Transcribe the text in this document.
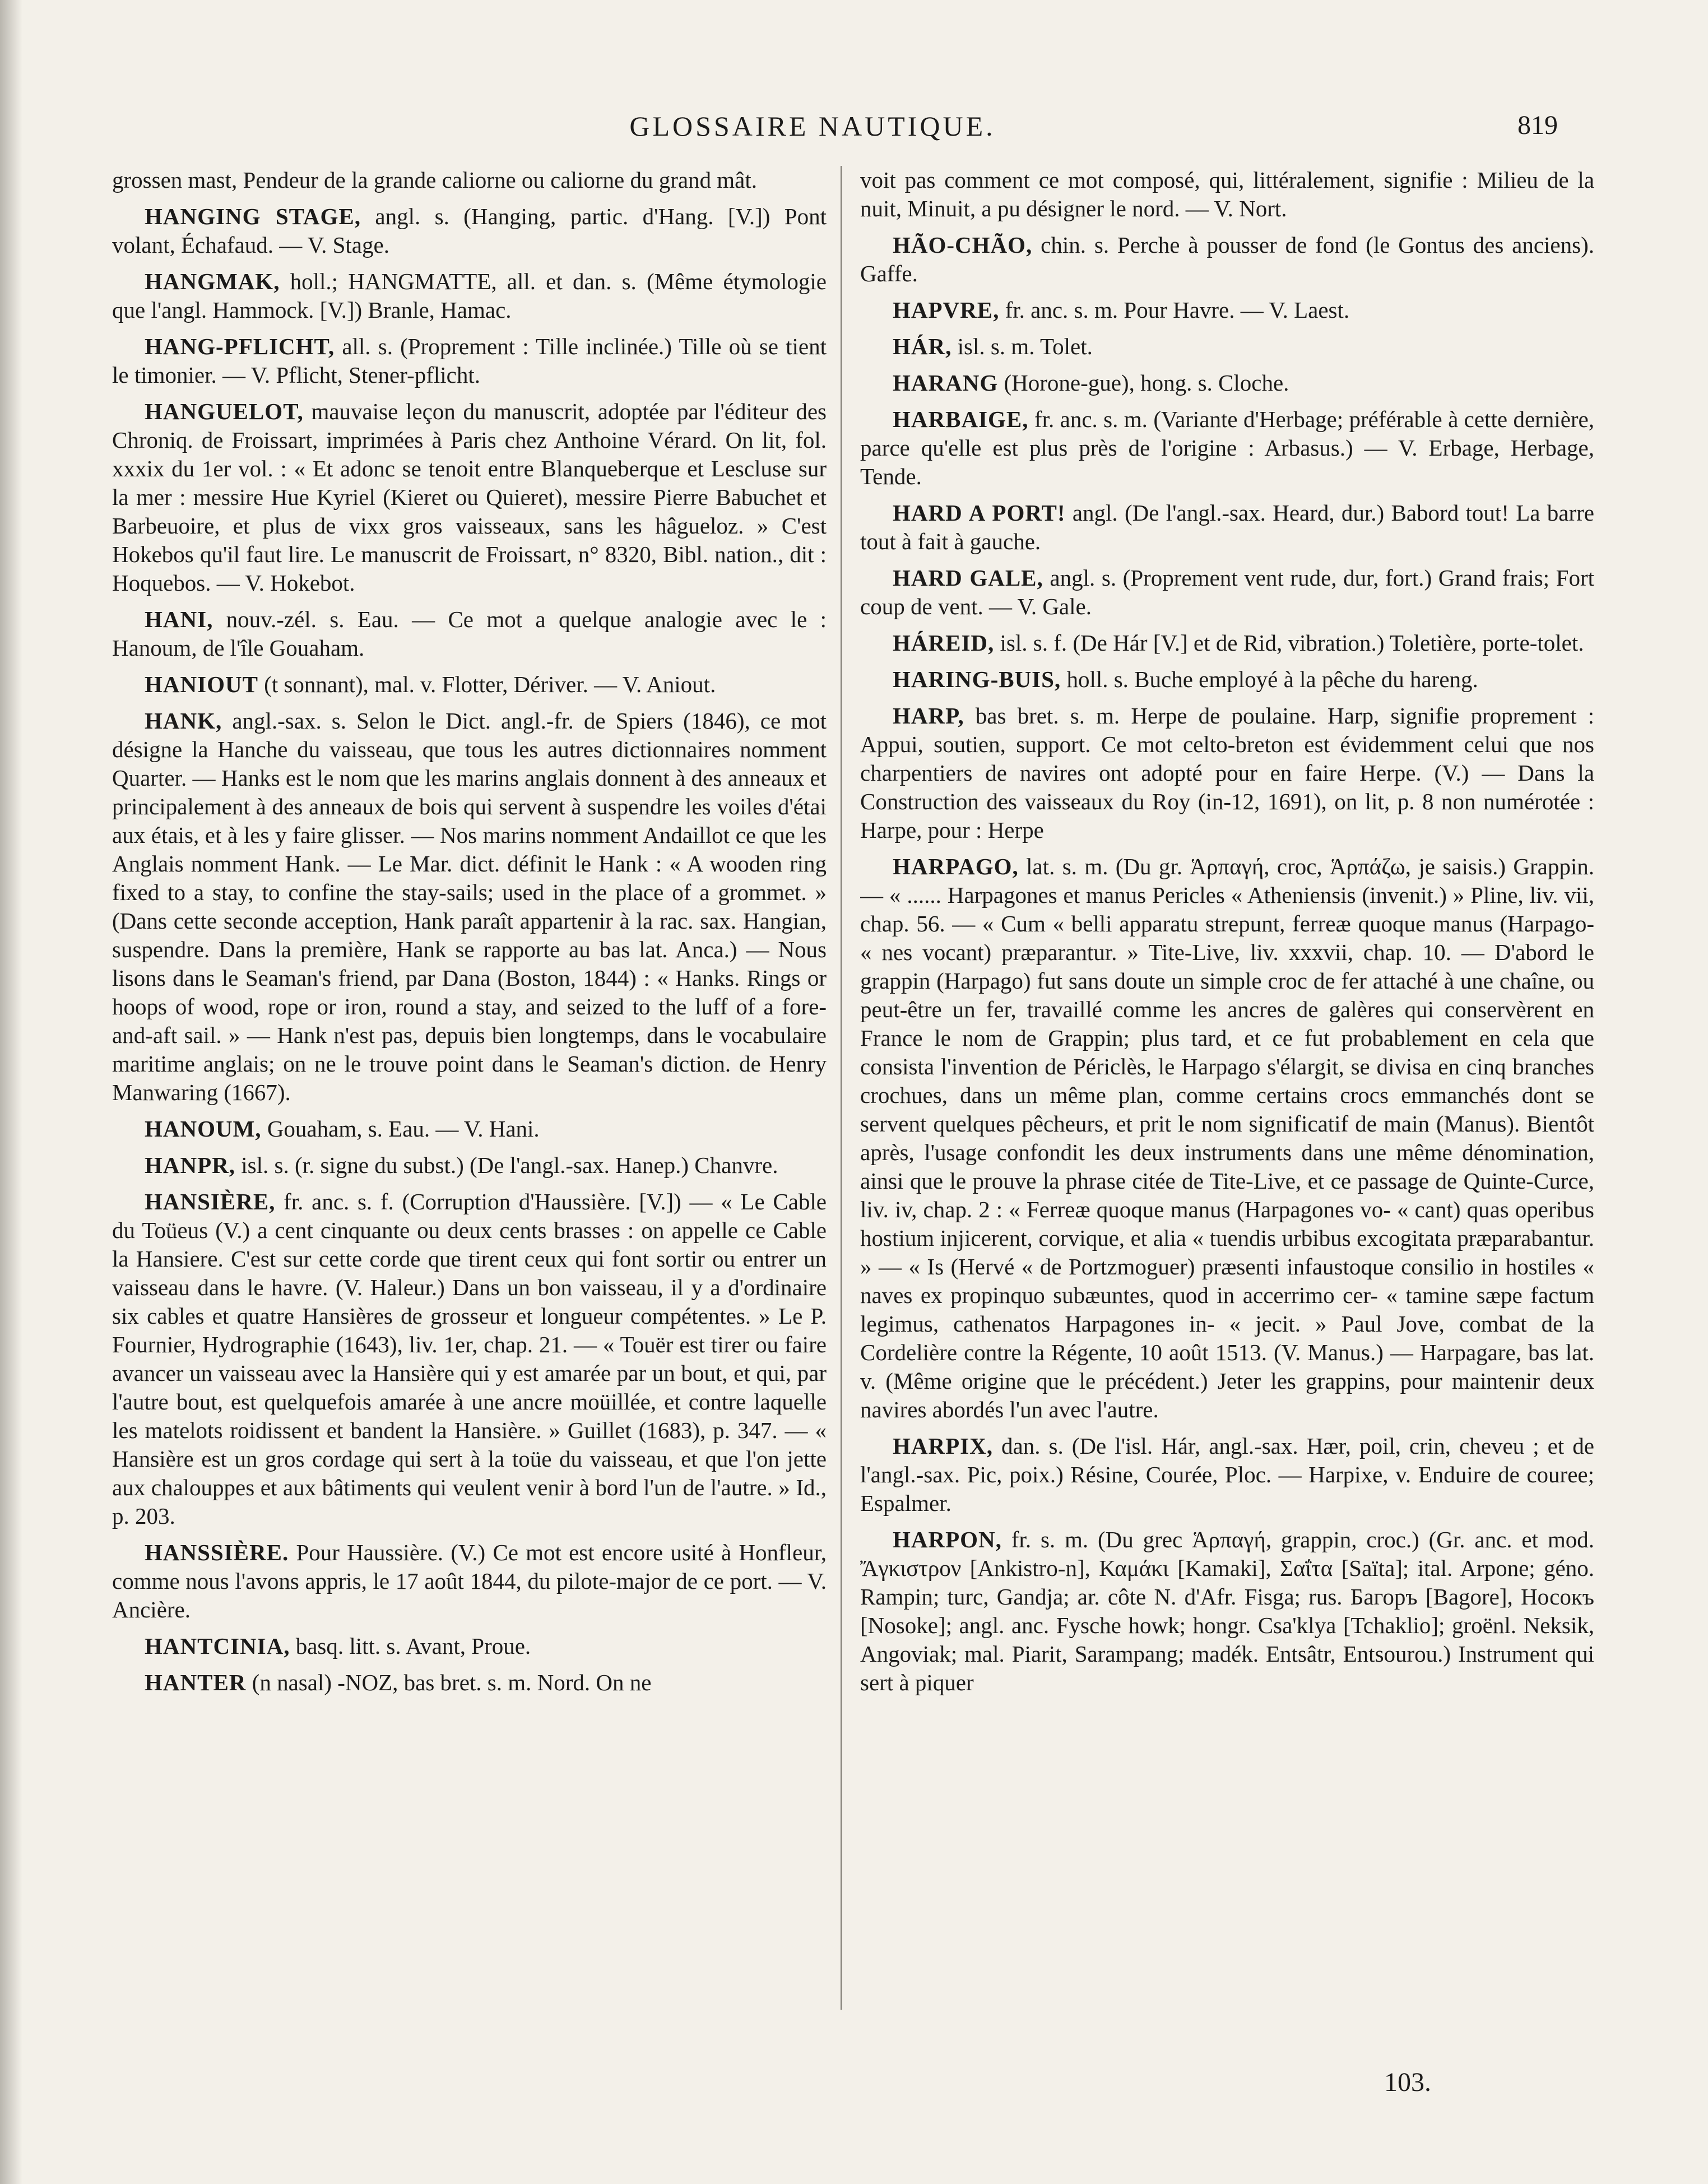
GLOSSAIRE NAUTIQUE.	819

grossen mast, Pendeur de la grande caliorne ou caliorne du grand mât.

HANGING STAGE, angl. s. (Hanging, partic. d'Hang. [V.]) Pont volant, Échafaud. — V. Stage.

HANGMAK, holl.; HANGMATTE, all. et dan. s. (Même étymologie que l'angl. Hammock. [V.]) Branle, Hamac.

HANG-PFLICHT, all. s. (Proprement : Tille inclinée.) Tille où se tient le timonier. — V. Pflicht, Stener-pflicht.

HANGUELOT, mauvaise leçon du manuscrit, adoptée par l'éditeur des Chroniq. de Froissart, imprimées à Paris chez Anthoine Vérard. On lit, fol. xxxix du 1er vol. : « Et adonc se tenoit entre Blanqueberque et Lescluse sur la mer : messire Hue Kyriel (Kieret ou Quieret), messire Pierre Babuchet et Barbeuoire, et plus de vixx gros vaisseaux, sans les hâgueloz. » C'est Hokebos qu'il faut lire. Le manuscrit de Froissart, n° 8320, Bibl. nation., dit : Hoquebos. — V. Hokebot.

HANI, nouv.-zél. s. Eau. — Ce mot a quelque analogie avec le : Hanoum, de l'île Gouaham.

HANIOUT (t sonnant), mal. v. Flotter, Dériver. — V. Aniout.

HANK, angl.-sax. s. Selon le Dict. angl.-fr. de Spiers (1846), ce mot désigne la Hanche du vaisseau, que tous les autres dictionnaires nomment Quarter. — Hanks est le nom que les marins anglais donnent à des anneaux et principalement à des anneaux de bois qui servent à suspendre les voiles d'étai aux étais, et à les y faire glisser. — Nos marins nomment Andaillot ce que les Anglais nomment Hank. — Le Mar. dict. définit le Hank : « A wooden ring fixed to a stay, to confine the stay-sails; used in the place of a grommet. » (Dans cette seconde acception, Hank paraît appartenir à la rac. sax. Hangian, suspendre. Dans la première, Hank se rapporte au bas lat. Anca.) — Nous lisons dans le Seaman's friend, par Dana (Boston, 1844) : « Hanks. Rings or hoops of wood, rope or iron, round a stay, and seized to the luff of a fore-and-aft sail. » — Hank n'est pas, depuis bien longtemps, dans le vocabulaire maritime anglais; on ne le trouve point dans le Seaman's diction. de Henry Manwaring (1667).

HANOUM, Gouaham, s. Eau. — V. Hani.

HANPR, isl. s. (r. signe du subst.) (De l'angl.-sax. Hanep.) Chanvre.

HANSIÈRE, fr. anc. s. f. (Corruption d'Haussière. [V.]) — « Le Cable du Toüeus (V.) a cent cinquante ou deux cents brasses : on appelle ce Cable la Hansiere. C'est sur cette corde que tirent ceux qui font sortir ou entrer un vaisseau dans le havre. (V. Haleur.) Dans un bon vaisseau, il y a d'ordinaire six cables et quatre Hansières de grosseur et longueur compétentes. » Le P. Fournier, Hydrographie (1643), liv. 1er, chap. 21. — « Touër est tirer ou faire avancer un vaisseau avec la Hansière qui y est amarée par un bout, et qui, par l'autre bout, est quelquefois amarée à une ancre moüillée, et contre laquelle les matelots roidissent et bandent la Hansière. » Guillet (1683), p. 347. — « Hansière est un gros cordage qui sert à la toüe du vaisseau, et que l'on jette aux chalouppes et aux bâtiments qui veulent venir à bord l'un de l'autre. » Id., p. 203.

HANSSIÈRE. Pour Haussière. (V.) Ce mot est encore usité à Honfleur, comme nous l'avons appris, le 17 août 1844, du pilote-major de ce port. — V. Ancière.

HANTCINIA, basq. litt. s. Avant, Proue.

HANTER (n nasal) -NOZ, bas bret. s. m. Nord. On ne

voit pas comment ce mot composé, qui, littéralement, signifie : Milieu de la nuit, Minuit, a pu désigner le nord. — V. Nort.

HÃO-CHÃO, chin. s. Perche à pousser de fond (le Gontus des anciens). Gaffe.

HAPVRE, fr. anc. s. m. Pour Havre. — V. Laest.

HÁR, isl. s. m. Tolet.

HARANG (Horone-gue), hong. s. Cloche.

HARBAIGE, fr. anc. s. m. (Variante d'Herbage; préférable à cette dernière, parce qu'elle est plus près de l'origine : Arbasus.) — V. Erbage, Herbage, Tende.

HARD A PORT! angl. (De l'angl.-sax. Heard, dur.) Babord tout! La barre tout à fait à gauche.

HARD GALE, angl. s. (Proprement vent rude, dur, fort.) Grand frais; Fort coup de vent. — V. Gale.

HÁREID, isl. s. f. (De Hár [V.] et de Rid, vibration.) Toletière, porte-tolet.

HARING-BUIS, holl. s. Buche employé à la pêche du hareng.

HARP, bas bret. s. m. Herpe de poulaine. Harp, signifie proprement : Appui, soutien, support. Ce mot celto-breton est évidemment celui que nos charpentiers de navires ont adopté pour en faire Herpe. (V.) — Dans la Construction des vaisseaux du Roy (in-12, 1691), on lit, p. 8 non numérotée : Harpe, pour : Herpe

HARPAGO, lat. s. m. (Du gr. Ἁρπαγή, croc, Ἁρπάζω, je saisis.) Grappin. — « ...... Harpagones et manus Pericles « Atheniensis (invenit.) » Pline, liv. vii, chap. 56. — « Cum « belli apparatu strepunt, ferreæ quoque manus (Harpago- « nes vocant) præparantur. » Tite-Live, liv. xxxvii, chap. 10. — D'abord le grappin (Harpago) fut sans doute un simple croc de fer attaché à une chaîne, ou peut-être un fer, travaillé comme les ancres de galères qui conservèrent en France le nom de Grappin; plus tard, et ce fut probablement en cela que consista l'invention de Périclès, le Harpago s'élargit, se divisa en cinq branches crochues, dans un même plan, comme certains crocs emmanchés dont se servent quelques pêcheurs, et prit le nom significatif de main (Manus). Bientôt après, l'usage confondit les deux instruments dans une même dénomination, ainsi que le prouve la phrase citée de Tite-Live, et ce passage de Quinte-Curce, liv. iv, chap. 2 : « Ferreæ quoque manus (Harpagones vo- « cant) quas operibus hostium injicerent, corvique, et alia « tuendis urbibus excogitata præparabantur. » — « Is (Hervé « de Portzmoguer) præsenti infaustoque consilio in hostiles « naves ex propinquo subæuntes, quod in accerrimo cer- « tamine sæpe factum legimus, cathenatos Harpagones in- « jecit. » Paul Jove, combat de la Cordelière contre la Régente, 10 août 1513. (V. Manus.) — Harpagare, bas lat. v. (Même origine que le précédent.) Jeter les grappins, pour maintenir deux navires abordés l'un avec l'autre.

HARPIX, dan. s. (De l'isl. Hár, angl.-sax. Hær, poil, crin, cheveu ; et de l'angl.-sax. Pic, poix.) Résine, Courée, Ploc. — Harpixe, v. Enduire de couree; Espalmer.

HARPON, fr. s. m. (Du grec Ἁρπαγή, grappin, croc.) (Gr. anc. et mod. Ἄγκιστρον [Ankistro-n], Καμάκι [Kamaki], Σαΐτα [Saïta]; ital. Arpone; géno. Rampin; turc, Gandja; ar. côte N. d'Afr. Fisga; rus. Багоръ [Bagore], Носокъ [Nosoke]; angl. anc. Fysche howk; hongr. Csa'klya [Tchaklio]; groënl. Neksik, Angoviak; mal. Piarit, Sarampang; madék. Entsâtr, Entsourou.) Instrument qui sert à piquer

103.
